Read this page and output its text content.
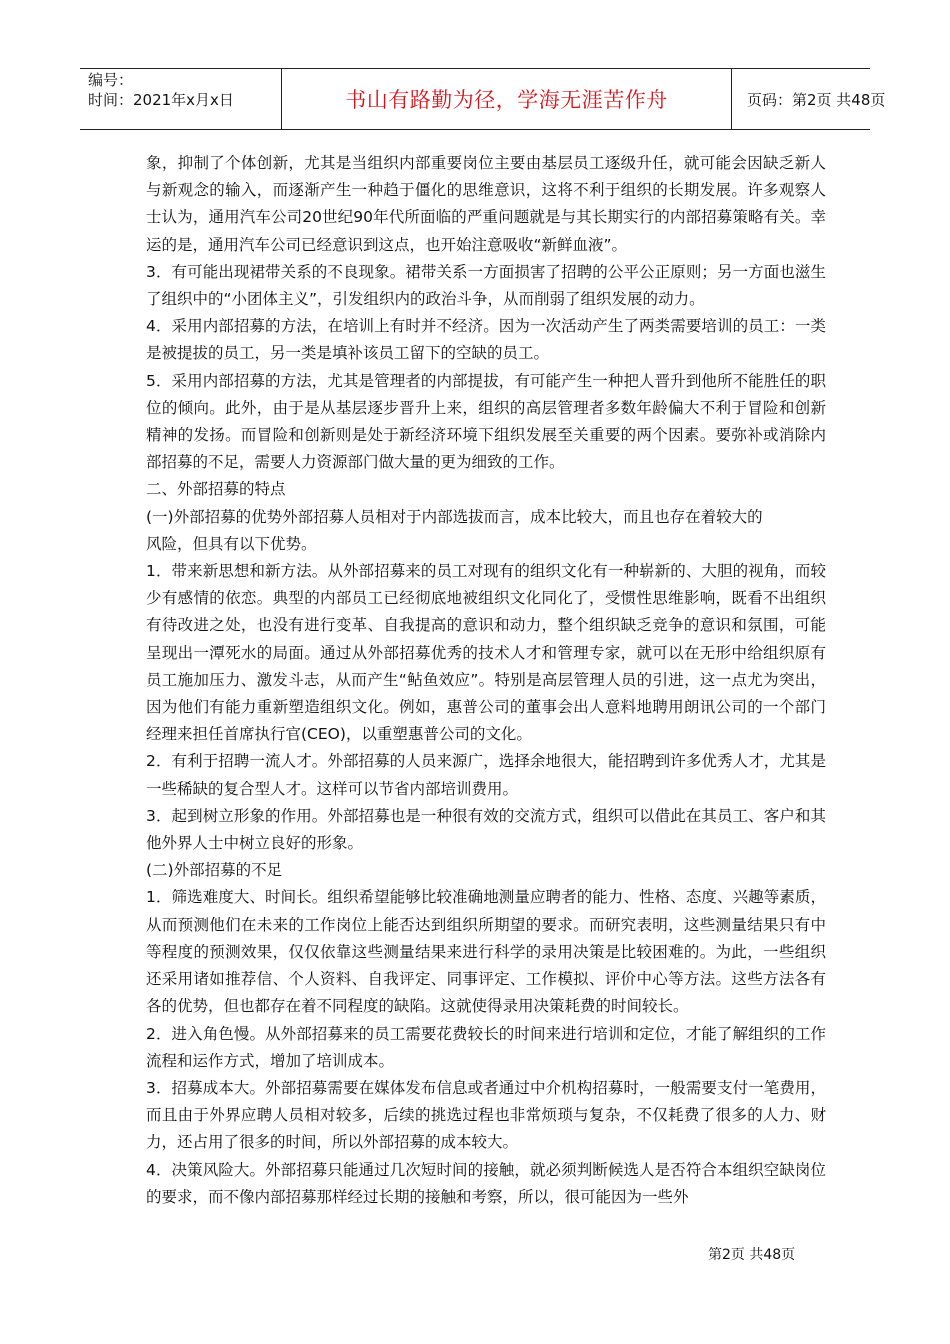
编号：
时间：2021年x月x日	书山有路勤为径，学海无涯苦作舟	页码：第2页 共48页

象，抑制了个体创新，尤其是当组织内部重要岗位主要由基层员工逐级升任，就可能会因缺乏新人与新观念的输入，而逐渐产生一种趋于僵化的思维意识，这将不利于组织的长期发展。许多观察人士认为，通用汽车公司20世纪90年代所面临的严重问题就是与其长期实行的内部招募策略有关。幸运的是，通用汽车公司已经意识到这点，也开始注意吸收“新鲜血液”。

3．有可能出现裙带关系的不良现象。裙带关系一方面损害了招聘的公平公正原则；另一方面也滋生了组织中的“小团体主义”，引发组织内的政治斗争，从而削弱了组织发展的动力。

4．采用内部招募的方法，在培训上有时并不经济。因为一次活动产生了两类需要培训的员工：一类是被提拔的员工，另一类是填补该员工留下的空缺的员工。

5．采用内部招募的方法，尤其是管理者的内部提拔，有可能产生一种把人晋升到他所不能胜任的职位的倾向。此外，由于是从基层逐步晋升上来，组织的高层管理者多数年龄偏大不利于冒险和创新精神的发扬。而冒险和创新则是处于新经济环境下组织发展至关重要的两个因素。要弥补或消除内部招募的不足，需要人力资源部门做大量的更为细致的工作。

二、外部招募的特点

(一)外部招募的优势外部招募人员相对于内部选拔而言，成本比较大，而且也存在着较大的

风险，但具有以下优势。

1．带来新思想和新方法。从外部招募来的员工对现有的组织文化有一种崭新的、大胆的视角，而较少有感情的依恋。典型的内部员工已经彻底地被组织文化同化了，受惯性思维影响，既看不出组织有待改进之处，也没有进行变革、自我提高的意识和动力，整个组织缺乏竞争的意识和氛围，可能呈现出一潭死水的局面。通过从外部招募优秀的技术人才和管理专家，就可以在无形中给组织原有员工施加压力、激发斗志，从而产生“鲇鱼效应”。特别是高层管理人员的引进，这一点尤为突出，因为他们有能力重新塑造组织文化。例如，惠普公司的董事会出人意料地聘用朗讯公司的一个部门经理来担任首席执行官(CEO)，以重塑惠普公司的文化。

2．有利于招聘一流人才。外部招募的人员来源广，选择余地很大，能招聘到许多优秀人才，尤其是一些稀缺的复合型人才。这样可以节省内部培训费用。

3．起到树立形象的作用。外部招募也是一种很有效的交流方式，组织可以借此在其员工、客户和其他外界人士中树立良好的形象。

(二)外部招募的不足

1．筛选难度大、时间长。组织希望能够比较准确地测量应聘者的能力、性格、态度、兴趣等素质，从而预测他们在未来的工作岗位上能否达到组织所期望的要求。而研究表明，这些测量结果只有中等程度的预测效果，仅仅依靠这些测量结果来进行科学的录用决策是比较困难的。为此，一些组织还采用诸如推荐信、个人资料、自我评定、同事评定、工作模拟、评价中心等方法。这些方法各有各的优势，但也都存在着不同程度的缺陷。这就使得录用决策耗费的时间较长。

2．进入角色慢。从外部招募来的员工需要花费较长的时间来进行培训和定位，才能了解组织的工作流程和运作方式，增加了培训成本。

3．招募成本大。外部招募需要在媒体发布信息或者通过中介机构招募时，一般需要支付一笔费用，而且由于外界应聘人员相对较多，后续的挑选过程也非常烦琐与复杂，不仅耗费了很多的人力、财力，还占用了很多的时间，所以外部招募的成本较大。

4．决策风险大。外部招募只能通过几次短时间的接触，就必须判断候选人是否符合本组织空缺岗位的要求，而不像内部招募那样经过长期的接触和考察，所以，很可能因为一些外

第2页 共48页
